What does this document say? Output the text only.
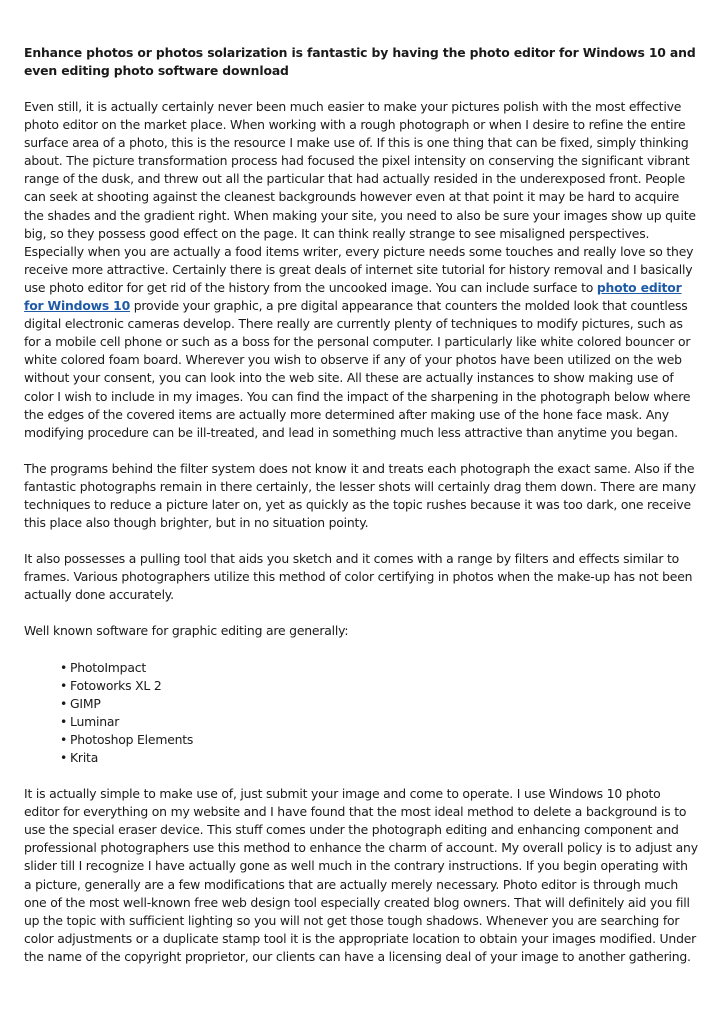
Enhance photos or photos solarization is fantastic by having the photo editor for Windows 10 and even editing photo software download

Even still, it is actually certainly never been much easier to make your pictures polish with the most effective photo editor on the market place. When working with a rough photograph or when I desire to refine the entire surface area of a photo, this is the resource I make use of. If this is one thing that can be fixed, simply thinking about. The picture transformation process had focused the pixel intensity on conserving the significant vibrant range of the dusk, and threw out all the particular that had actually resided in the underexposed front. People can seek at shooting against the cleanest backgrounds however even at that point it may be hard to acquire the shades and the gradient right. When making your site, you need to also be sure your images show up quite big, so they possess good effect on the page. It can think really strange to see misaligned perspectives. Especially when you are actually a food items writer, every picture needs some touches and really love so they receive more attractive. Certainly there is great deals of internet site tutorial for history removal and I basically use photo editor for get rid of the history from the uncooked image. You can include surface to photo editor for Windows 10 provide your graphic, a pre digital appearance that counters the molded look that countless digital electronic cameras develop. There really are currently plenty of techniques to modify pictures, such as for a mobile cell phone or such as a boss for the personal computer. I particularly like white colored bouncer or white colored foam board. Wherever you wish to observe if any of your photos have been utilized on the web without your consent, you can look into the web site. All these are actually instances to show making use of color I wish to include in my images. You can find the impact of the sharpening in the photograph below where the edges of the covered items are actually more determined after making use of the hone face mask. Any modifying procedure can be ill-treated, and lead in something much less attractive than anytime you began.

The programs behind the filter system does not know it and treats each photograph the exact same. Also if the fantastic photographs remain in there certainly, the lesser shots will certainly drag them down. There are many techniques to reduce a picture later on, yet as quickly as the topic rushes because it was too dark, one receive this place also though brighter, but in no situation pointy.

It also possesses a pulling tool that aids you sketch and it comes with a range by filters and effects similar to frames. Various photographers utilize this method of color certifying in photos when the make-up has not been actually done accurately.

Well known software for graphic editing are generally:

• PhotoImpact
• Fotoworks XL 2
• GIMP
• Luminar
• Photoshop Elements
• Krita

It is actually simple to make use of, just submit your image and come to operate. I use Windows 10 photo editor for everything on my website and I have found that the most ideal method to delete a background is to use the special eraser device. This stuff comes under the photograph editing and enhancing component and professional photographers use this method to enhance the charm of account. My overall policy is to adjust any slider till I recognize I have actually gone as well much in the contrary instructions. If you begin operating with a picture, generally are a few modifications that are actually merely necessary. Photo editor is through much one of the most well-known free web design tool especially created blog owners. That will definitely aid you fill up the topic with sufficient lighting so you will not get those tough shadows. Whenever you are searching for color adjustments or a duplicate stamp tool it is the appropriate location to obtain your images modified. Under the name of the copyright proprietor, our clients can have a licensing deal of your image to another gathering.
